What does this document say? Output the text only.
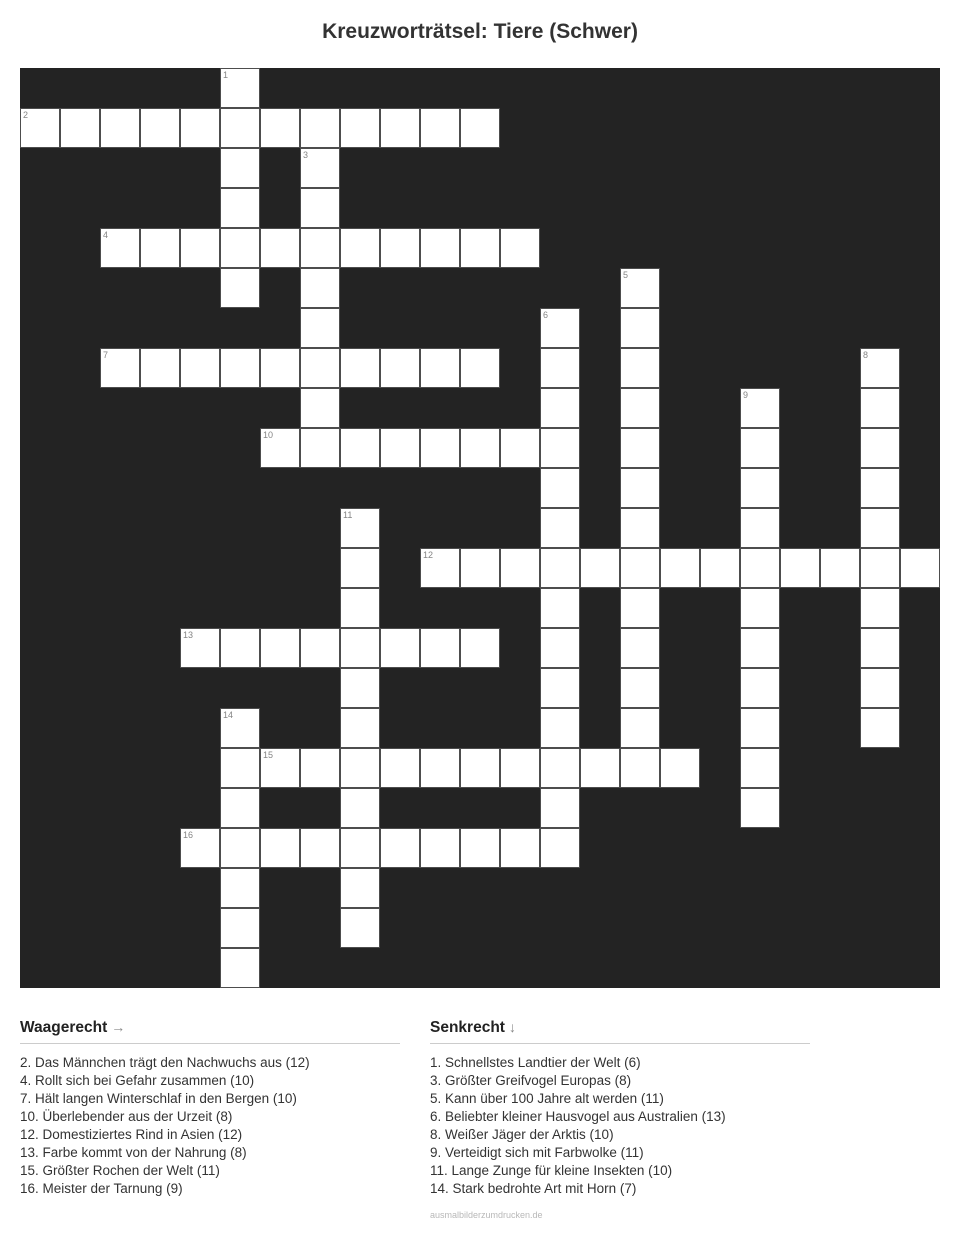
Kreuzworträtsel: Tiere (Schwer)
1
2
3
4
5
6
7	8
9
10
11
12
13
14
15
16
Waagerecht →
2. Das Männchen trägt den Nachwuchs aus (12)
4. Rollt sich bei Gefahr zusammen (10)
7. Hält langen Winterschlaf in den Bergen (10)
10. Überlebender aus der Urzeit (8)
12. Domestiziertes Rind in Asien (12)
13. Farbe kommt von der Nahrung (8)
15. Größter Rochen der Welt (11)
16. Meister der Tarnung (9)
Senkrecht ↓
1. Schnellstes Landtier der Welt (6)
3. Größter Greifvogel Europas (8)
5. Kann über 100 Jahre alt werden (11)
6. Beliebter kleiner Hausvogel aus Australien (13)
8. Weißer Jäger der Arktis (10)
9. Verteidigt sich mit Farbwolke (11)
11. Lange Zunge für kleine Insekten (10)
14. Stark bedrohte Art mit Horn (7)
ausmalbilderzumdrucken.de
